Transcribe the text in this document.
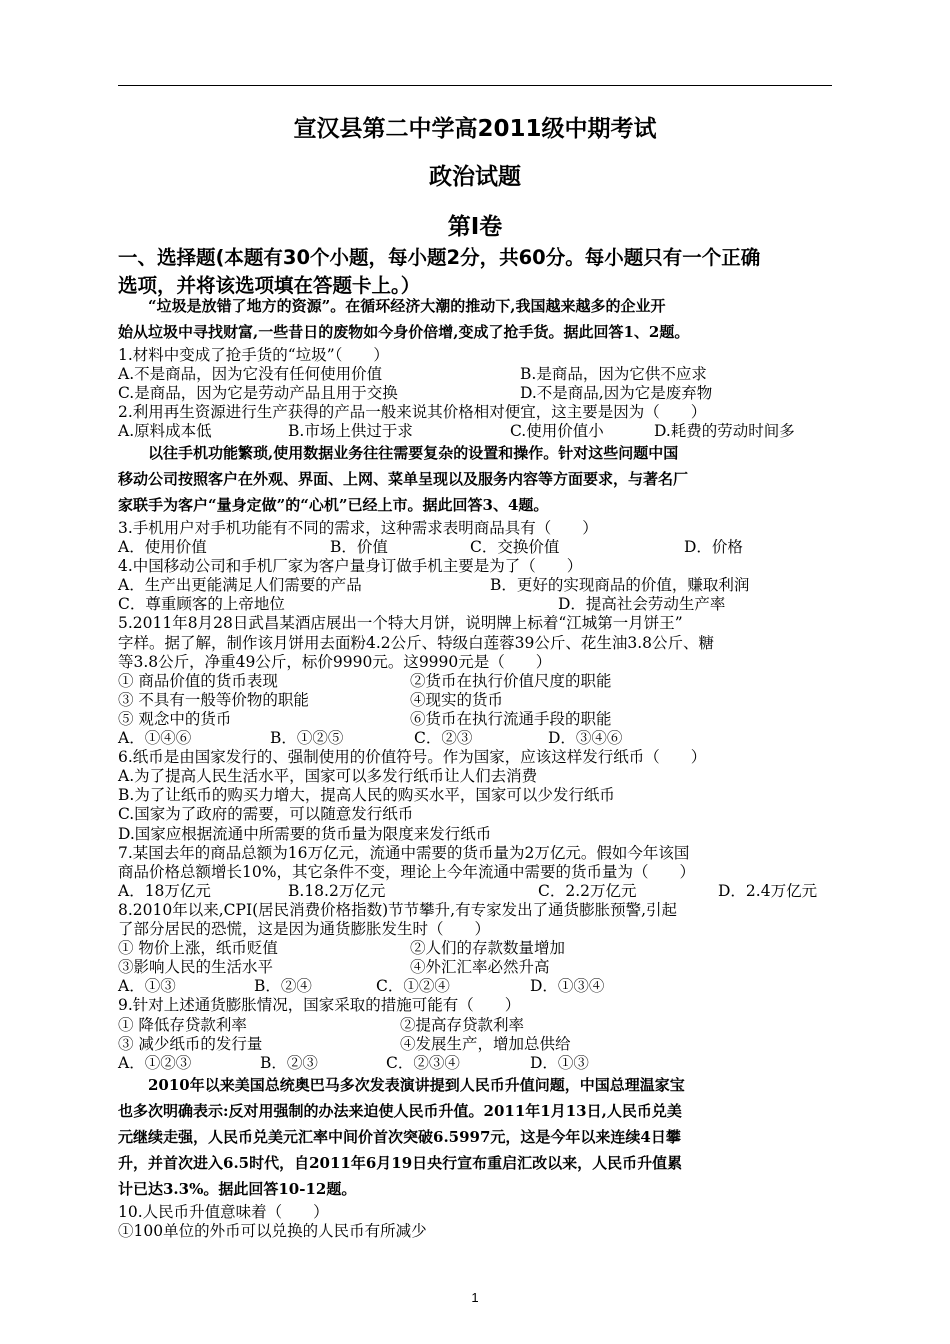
宣汉县第二中学高2011级中期考试
政治试题
第Ⅰ卷
一、选择题(本题有30个小题，每小题2分，共60分。每小题只有一个正确
选项，并将该选项填在答题卡上。）
　　“垃圾是放错了地方的资源”。在循环经济大潮的推动下,我国越来越多的企业开
始从垃圾中寻找财富,一些昔日的废物如今身价倍增,变成了抢手货。据此回答1、2题。
1.材料中变成了抢手货的“垃圾”（　　）
A.不是商品，因为它没有任何使用价值	B.是商品，因为它供不应求
C.是商品，因为它是劳动产品且用于交换	D.不是商品,因为它是废弃物
2.利用再生资源进行生产获得的产品一般来说其价格相对便宜，这主要是因为（　　）
A.原料成本低	B.市场上供过于求	C.使用价值小	D.耗费的劳动时间多
　　以往手机功能繁琐,使用数据业务往往需要复杂的设置和操作。针对这些问题中国
移动公司按照客户在外观、界面、上网、菜单呈现以及服务内容等方面要求，与著名厂
家联手为客户“量身定做”的“心机”已经上市。据此回答3、4题。
3.手机用户对手机功能有不同的需求，这种需求表明商品具有（　　）
A．使用价值	B．价值	C．交换价值	D．价格
4.中国移动公司和手机厂家为客户量身订做手机主要是为了（　　）
A．生产出更能满足人们需要的产品	B．更好的实现商品的价值，赚取利润
C．尊重顾客的上帝地位	D．提高社会劳动生产率
5.2011年8月28日武昌某酒店展出一个特大月饼，说明牌上标着“江城第一月饼王”
字样。据了解，制作该月饼用去面粉4.2公斤、特级白莲蓉39公斤、花生油3.8公斤、糖
等3.8公斤，净重49公斤，标价9990元。这9990元是（　　）
① 商品价值的货币表现	②货币在执行价值尺度的职能
③ 不具有一般等价物的职能	④现实的货币
⑤ 观念中的货币	⑥货币在执行流通手段的职能
A．①④⑥	B．①②⑤	C．②③	D．③④⑥
6.纸币是由国家发行的、强制使用的价值符号。作为国家，应该这样发行纸币（　　）
A.为了提高人民生活水平，国家可以多发行纸币让人们去消费
B.为了让纸币的购买力增大，提高人民的购买水平，国家可以少发行纸币
C.国家为了政府的需要，可以随意发行纸币
D.国家应根据流通中所需要的货币量为限度来发行纸币
7.某国去年的商品总额为16万亿元，流通中需要的货币量为2万亿元。假如今年该国
商品价格总额增长10%，其它条件不变，理论上今年流通中需要的货币量为（　　）
A．18万亿元	B.18.2万亿元	C．2.2万亿元	D．2.4万亿元
8.2010年以来,CPI(居民消费价格指数)节节攀升,有专家发出了通货膨胀预警,引起
了部分居民的恐慌，这是因为通货膨胀发生时（　　）
① 物价上涨，纸币贬值	②人们的存款数量增加
③影响人民的生活水平	④外汇汇率必然升高
A．①③	B．②④	C．①②④	D．①③④
9.针对上述通货膨胀情况，国家采取的措施可能有（　　）
① 降低存贷款利率	②提高存贷款利率
③ 减少纸币的发行量	④发展生产，增加总供给
A．①②③	B．②③	C．②③④	D．①③
　　2010年以来美国总统奥巴马多次发表演讲提到人民币升值问题，中国总理温家宝
也多次明确表示:反对用强制的办法来迫使人民币升值。2011年1月13日,人民币兑美
元继续走强，人民币兑美元汇率中间价首次突破6.5997元，这是今年以来连续4日攀
升，并首次进入6.5时代，自2011年6月19日央行宣布重启汇改以来，人民币升值累
计已达3.3%。据此回答10-12题。
10.人民币升值意味着（　　）
①100单位的外币可以兑换的人民币有所减少
1
